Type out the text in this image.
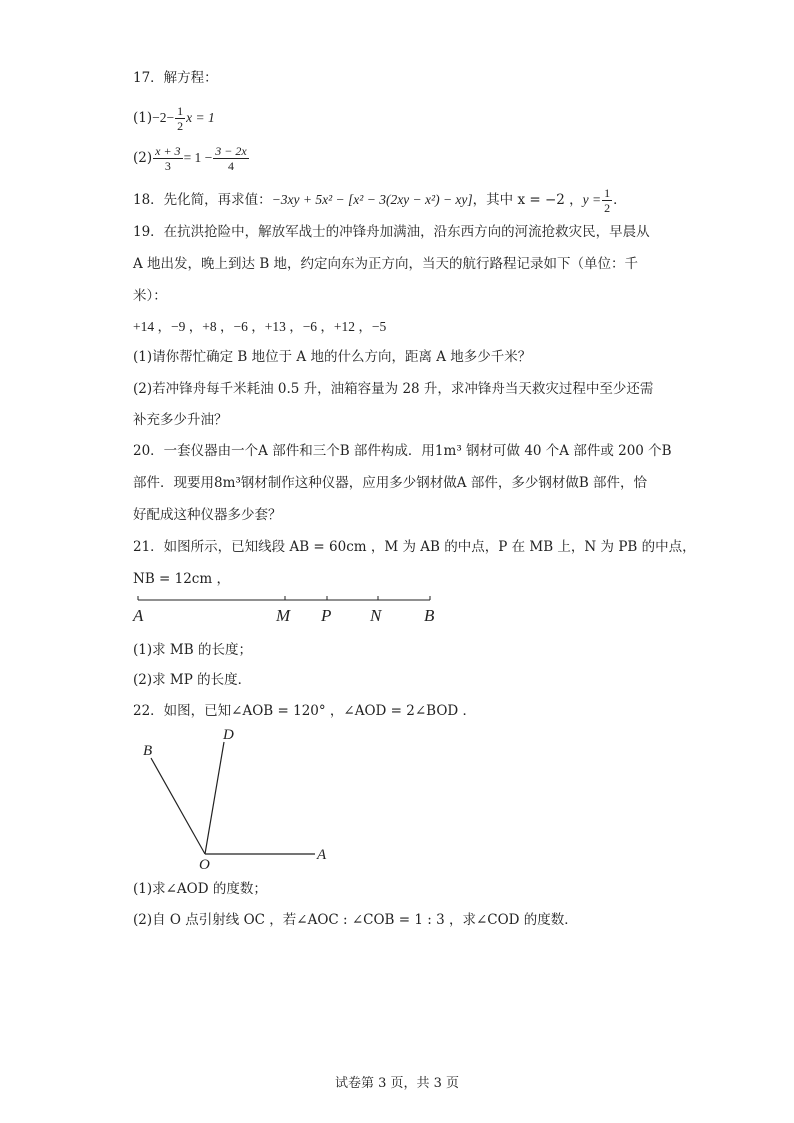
17．解方程：
$(1)-2- \frac{1}{2}$ x = 1
$(2) \frac{x + 3}{3} = 1 - \frac{3 - 2x}{4}$
18．先化简，再求值：−3xy + 5x² − [x² − 3(2xy − x²) − xy]，其中 x = −2 ，$y = \frac{1}{2}$ ．
19．在抗洪抢险中，解放军战士的冲锋舟加满油，沿东西方向的河流抢救灾民，早晨从
A 地出发，晚上到达 B 地，约定向东为正方向，当天的航行路程记录如下（单位：千
米）：
+14 ，−9 ，+8 ，−6 ，+13 ，−6 ，+12 ，−5
(1)请你帮忙确定 B 地位于 A 地的什么方向，距离 A 地多少千米？
(2)若冲锋舟每千米耗油 0.5 升，油箱容量为 28 升，求冲锋舟当天救灾过程中至少还需
补充多少升油？
20．一套仪器由一个A 部件和三个B 部件构成．用1m³ 钢材可做 40 个A 部件或 200 个B
部件．现要用8m³钢材制作这种仪器，应用多少钢材做A 部件，多少钢材做B 部件，恰
好配成这种仪器多少套？
21．如图所示，已知线段 AB = 60cm ，M 为 AB 的中点，P 在 MB 上，N 为 PB 的中点，
NB = 12cm ，
A	M P N	B
(1)求 MB 的长度；
(2)求 MP 的长度．
22．如图，已知∠AOB = 120° ，∠AOD = 2∠BOD ．
B
D
O
A
(1)求∠AOD 的度数；
(2)自 O 点引射线 OC ，若∠AOC : ∠COB = 1 : 3 ，求∠COD 的度数．
试卷第 3 页，共 3 页
